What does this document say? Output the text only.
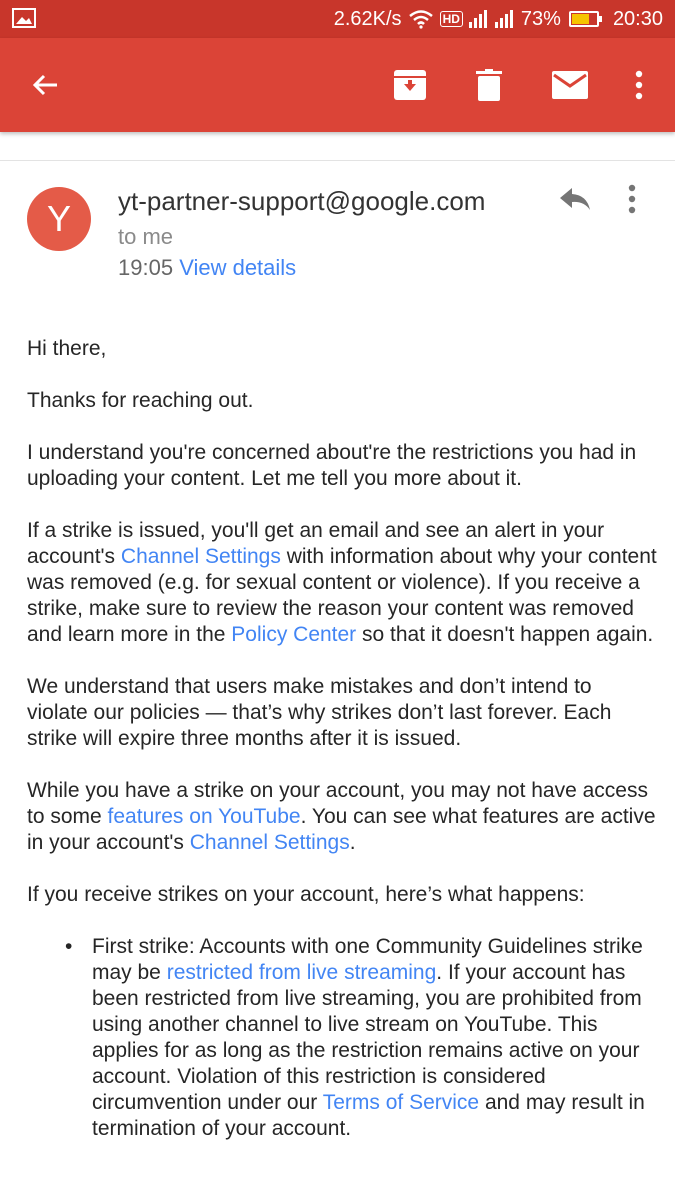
2.62K/s	HD	73%	20:30
Y yt-partner-support@google.com
to me
19:05 View details

Hi there,

Thanks for reaching out.

I understand you're concerned about're the restrictions you had in uploading your content. Let me tell you more about it.

If a strike is issued, you'll get an email and see an alert in your account's Channel Settings with information about why your content was removed (e.g. for sexual content or violence). If you receive a strike, make sure to review the reason your content was removed and learn more in the Policy Center so that it doesn't happen again.

We understand that users make mistakes and don’t intend to violate our policies — that’s why strikes don’t last forever. Each strike will expire three months after it is issued.

While you have a strike on your account, you may not have access to some features on YouTube. You can see what features are active in your account's Channel Settings.

If you receive strikes on your account, here’s what happens:

• First strike: Accounts with one Community Guidelines strike may be restricted from live streaming. If your account has been restricted from live streaming, you are prohibited from using another channel to live stream on YouTube. This applies for as long as the restriction remains active on your account. Violation of this restriction is considered circumvention under our Terms of Service and may result in termination of your account.
